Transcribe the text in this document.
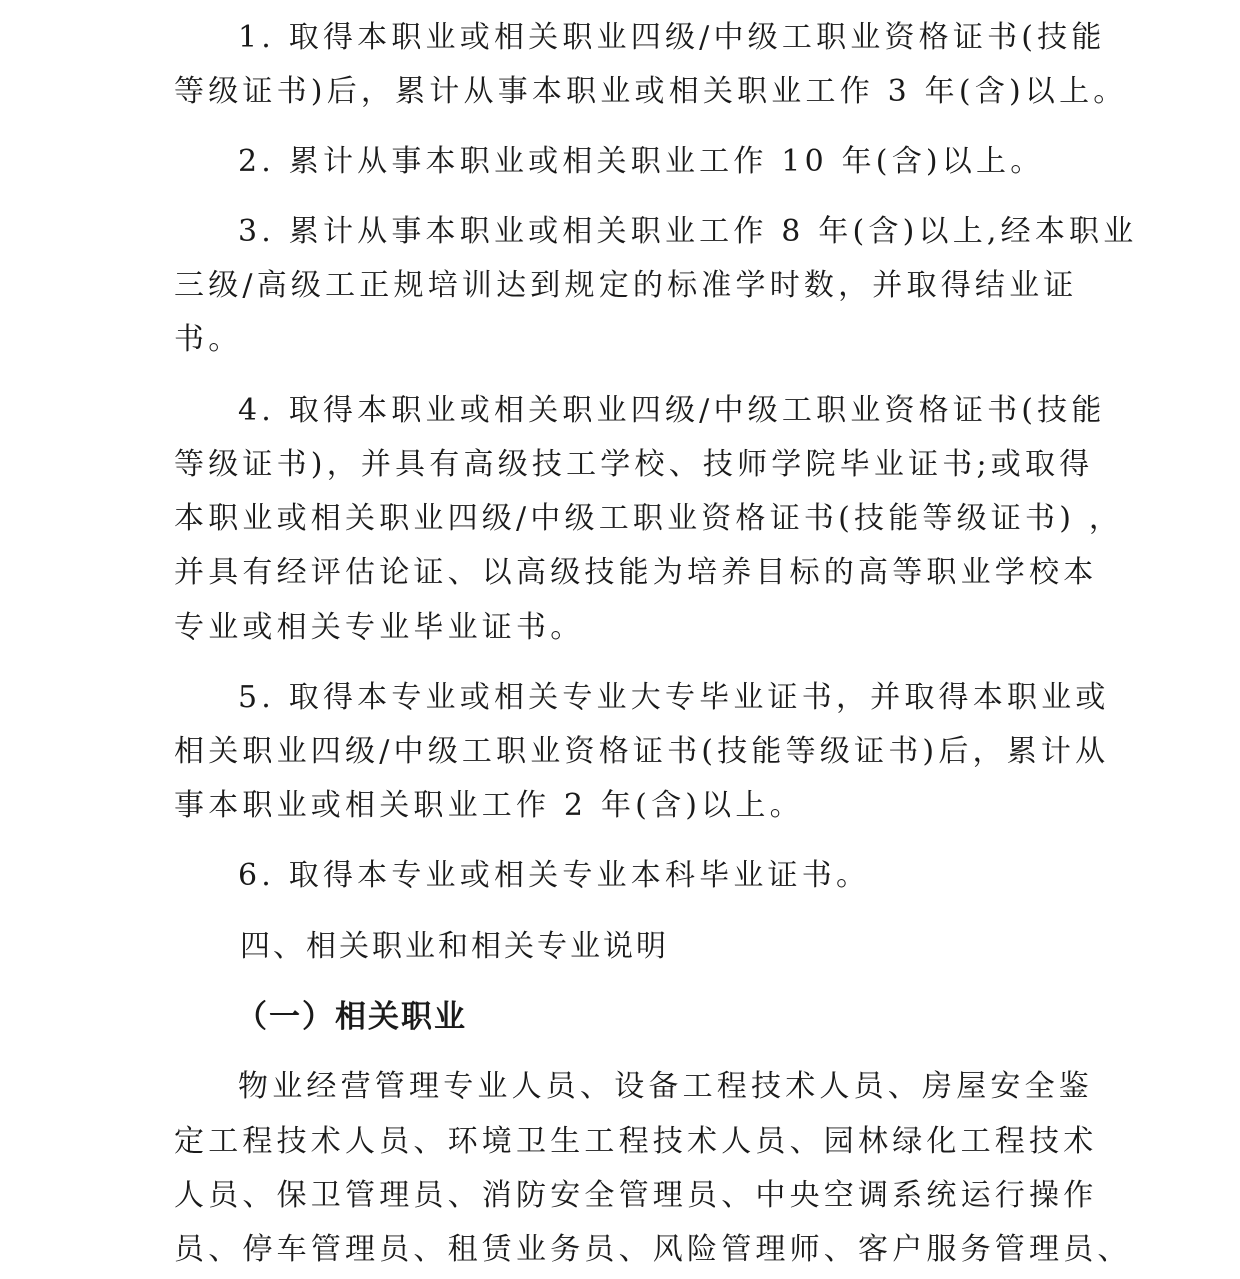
1. 取得本职业或相关职业四级/中级工职业资格证书(技能
等级证书)后，累计从事本职业或相关职业工作 3 年(含)以上。
2. 累计从事本职业或相关职业工作 10 年(含)以上。
3. 累计从事本职业或相关职业工作 8 年(含)以上,经本职业
三级/高级工正规培训达到规定的标准学时数，并取得结业证
书。
4. 取得本职业或相关职业四级/中级工职业资格证书(技能
等级证书)，并具有高级技工学校、技师学院毕业证书;或取得
本职业或相关职业四级/中级工职业资格证书(技能等级证书) ，
并具有经评估论证、以高级技能为培养目标的高等职业学校本
专业或相关专业毕业证书。
5. 取得本专业或相关专业大专毕业证书，并取得本职业或
相关职业四级/中级工职业资格证书(技能等级证书)后，累计从
事本职业或相关职业工作 2 年(含)以上。
6. 取得本专业或相关专业本科毕业证书。
四、相关职业和相关专业说明
（一）相关职业
物业经营管理专业人员、设备工程技术人员、房屋安全鉴
定工程技术人员、环境卫生工程技术人员、园林绿化工程技术
人员、保卫管理员、消防安全管理员、中央空调系统运行操作
员、停车管理员、租赁业务员、风险管理师、客户服务管理员、
